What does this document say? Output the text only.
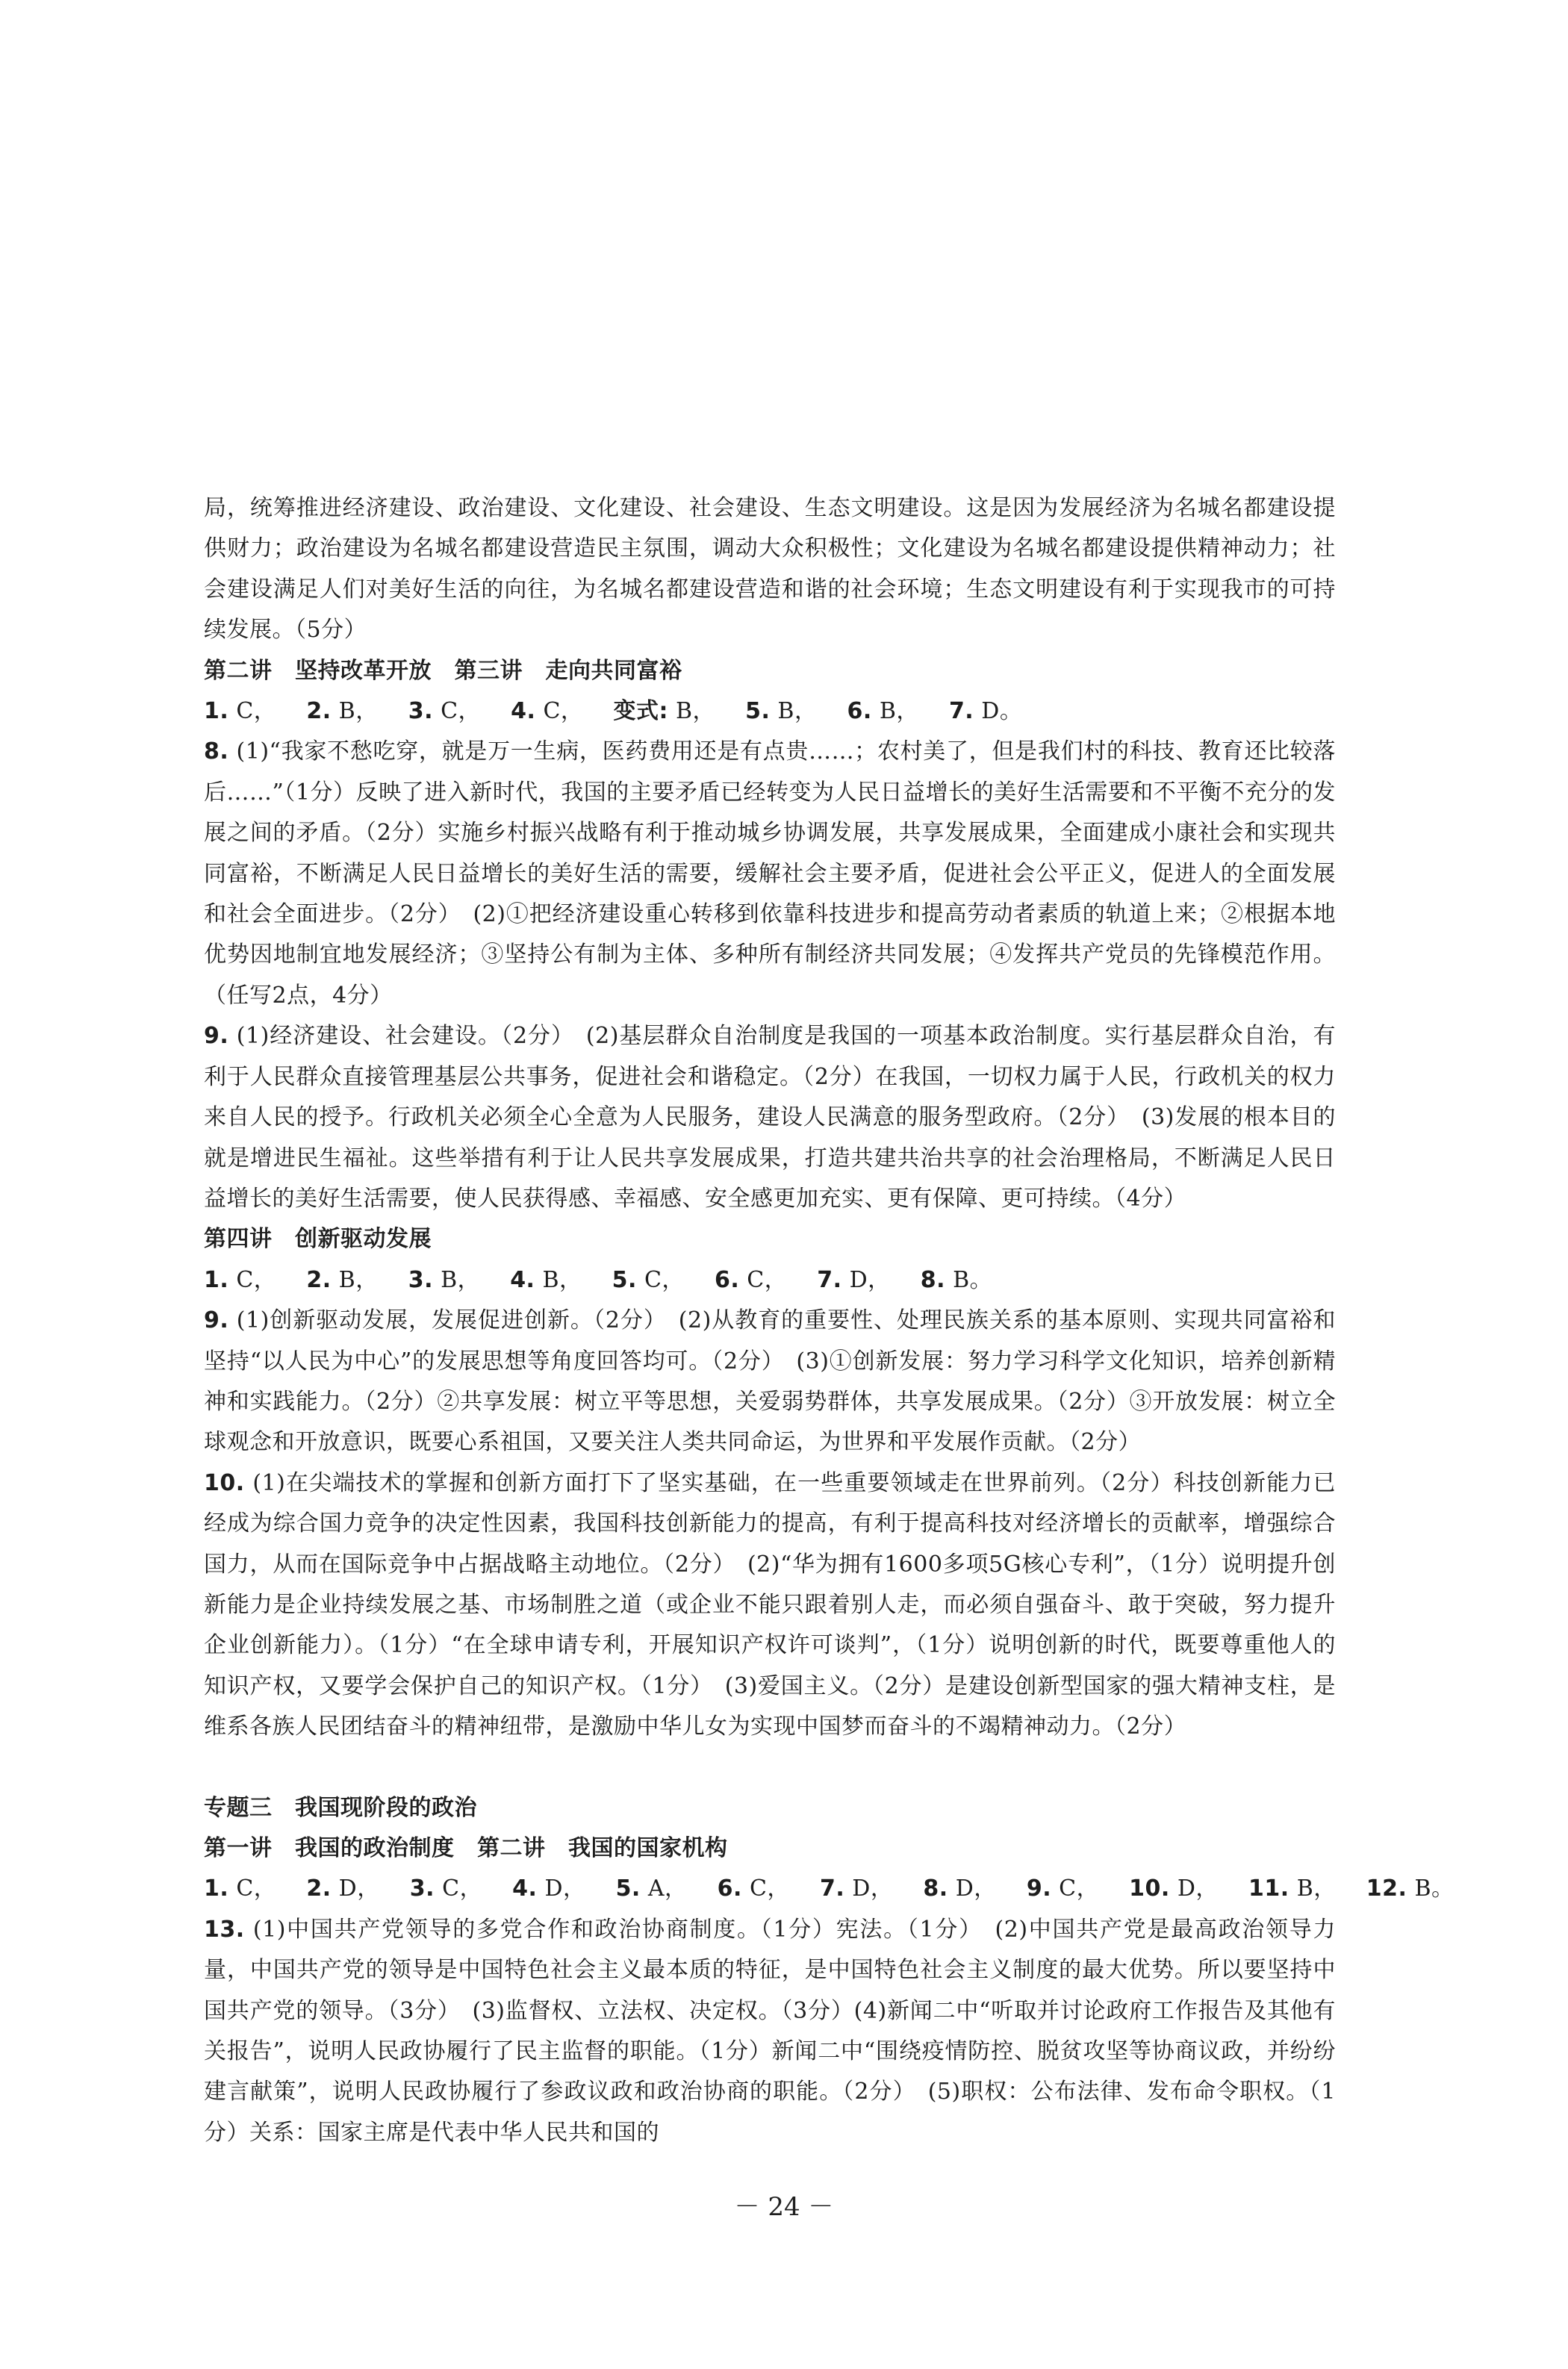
局，统筹推进经济建设、政治建设、文化建设、社会建设、生态文明建设。这是因为发展经济为名城名都建设提供财力；政治建设为名城名都建设营造民主氛围，调动大众积极性；文化建设为名城名都建设提供精神动力；社会建设满足人们对美好生活的向往，为名城名都建设营造和谐的社会环境；生态文明建设有利于实现我市的可持续发展。（5分）

第二讲　坚持改革开放　第三讲　走向共同富裕

1. C， 2. B， 3. C， 4. C， 变式: B， 5. B， 6. B， 7. D。

8. (1)“我家不愁吃穿，就是万一生病，医药费用还是有点贵……；农村美了，但是我们村的科技、教育还比较落后……”（1分）反映了进入新时代，我国的主要矛盾已经转变为人民日益增长的美好生活需要和不平衡不充分的发展之间的矛盾。（2分）实施乡村振兴战略有利于推动城乡协调发展，共享发展成果，全面建成小康社会和实现共同富裕，不断满足人民日益增长的美好生活的需要，缓解社会主要矛盾，促进社会公平正义，促进人的全面发展和社会全面进步。（2分）　(2)①把经济建设重心转移到依靠科技进步和提高劳动者素质的轨道上来；②根据本地优势因地制宜地发展经济；③坚持公有制为主体、多种所有制经济共同发展；④发挥共产党员的先锋模范作用。（任写2点，4分）

9. (1)经济建设、社会建设。（2分）　(2)基层群众自治制度是我国的一项基本政治制度。实行基层群众自治，有利于人民群众直接管理基层公共事务，促进社会和谐稳定。（2分）在我国，一切权力属于人民，行政机关的权力来自人民的授予。行政机关必须全心全意为人民服务，建设人民满意的服务型政府。（2分）　(3)发展的根本目的就是增进民生福祉。这些举措有利于让人民共享发展成果，打造共建共治共享的社会治理格局，不断满足人民日益增长的美好生活需要，使人民获得感、幸福感、安全感更加充实、更有保障、更可持续。（4分）

第四讲　创新驱动发展

1. C， 2. B， 3. B， 4. B， 5. C， 6. C， 7. D， 8. B。

9. (1)创新驱动发展，发展促进创新。（2分）　(2)从教育的重要性、处理民族关系的基本原则、实现共同富裕和坚持“以人民为中心”的发展思想等角度回答均可。（2分）　(3)①创新发展：努力学习科学文化知识，培养创新精神和实践能力。（2分）②共享发展：树立平等思想，关爱弱势群体，共享发展成果。（2分）③开放发展：树立全球观念和开放意识，既要心系祖国，又要关注人类共同命运，为世界和平发展作贡献。（2分）

10. (1)在尖端技术的掌握和创新方面打下了坚实基础，在一些重要领域走在世界前列。（2分）科技创新能力已经成为综合国力竞争的决定性因素，我国科技创新能力的提高，有利于提高科技对经济增长的贡献率，增强综合国力，从而在国际竞争中占据战略主动地位。（2分）　(2)“华为拥有1600多项5G核心专利”，（1分）说明提升创新能力是企业持续发展之基、市场制胜之道（或企业不能只跟着别人走，而必须自强奋斗、敢于突破，努力提升企业创新能力）。（1分）“在全球申请专利，开展知识产权许可谈判”，（1分）说明创新的时代，既要尊重他人的知识产权，又要学会保护自己的知识产权。（1分）　(3)爱国主义。（2分）是建设创新型国家的强大精神支柱，是维系各族人民团结奋斗的精神纽带，是激励中华儿女为实现中国梦而奋斗的不竭精神动力。（2分）

专题三　我国现阶段的政治

第一讲　我国的政治制度　第二讲　我国的国家机构

1. C， 2. D， 3. C， 4. D， 5. A， 6. C， 7. D， 8. D， 9. C， 10. D， 11. B， 12. B。

13. (1)中国共产党领导的多党合作和政治协商制度。（1分）宪法。（1分）　(2)中国共产党是最高政治领导力量，中国共产党的领导是中国特色社会主义最本质的特征，是中国特色社会主义制度的最大优势。所以要坚持中国共产党的领导。（3分）　(3)监督权、立法权、决定权。（3分）(4)新闻二中“听取并讨论政府工作报告及其他有关报告”，说明人民政协履行了民主监督的职能。（1分）新闻二中“围绕疫情防控、脱贫攻坚等协商议政，并纷纷建言献策”，说明人民政协履行了参政议政和政治协商的职能。（2分）　(5)职权：公布法律、发布命令职权。（1分）关系：国家主席是代表中华人民共和国的

－ 24 －
